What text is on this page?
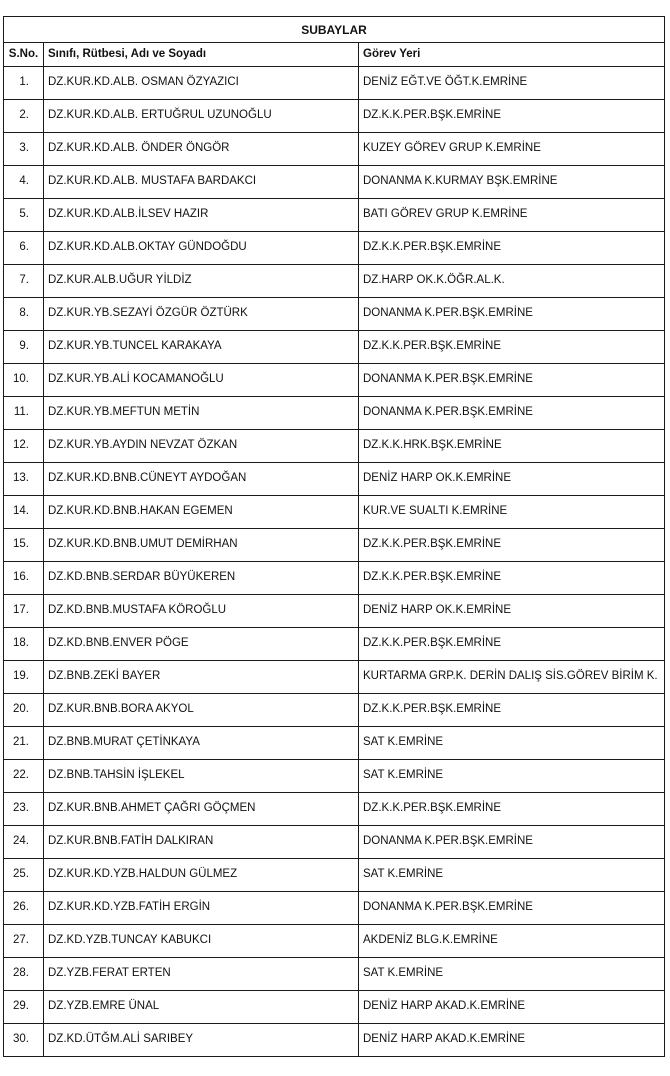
SUBAYLAR		
S.No.	Sınıfı, Rütbesi, Adı ve Soyadı	Görev Yeri
1.	DZ.KUR.KD.ALB. OSMAN ÖZYAZICI	DENİZ EĞT.VE ÖĞT.K.EMRİNE
2.	DZ.KUR.KD.ALB. ERTUĞRUL UZUNOĞLU	DZ.K.K.PER.BŞK.EMRİNE
3.	DZ.KUR.KD.ALB. ÖNDER ÖNGÖR	KUZEY GÖREV GRUP K.EMRİNE
4.	DZ.KUR.KD.ALB. MUSTAFA BARDAKCI	DONANMA K.KURMAY BŞK.EMRİNE
5.	DZ.KUR.KD.ALB.İLSEV HAZIR	BATI GÖREV GRUP K.EMRİNE
6.	DZ.KUR.KD.ALB.OKTAY GÜNDOĞDU	DZ.K.K.PER.BŞK.EMRİNE
7.	DZ.KUR.ALB.UĞUR YİLDİZ	DZ.HARP OK.K.ÖĞR.AL.K.
8.	DZ.KUR.YB.SEZAYİ ÖZGÜR ÖZTÜRK	DONANMA K.PER.BŞK.EMRİNE
9.	DZ.KUR.YB.TUNCEL KARAKAYA	DZ.K.K.PER.BŞK.EMRİNE
10.	DZ.KUR.YB.ALİ KOCAMANOĞLU	DONANMA K.PER.BŞK.EMRİNE
11.	DZ.KUR.YB.MEFTUN METİN	DONANMA K.PER.BŞK.EMRİNE
12.	DZ.KUR.YB.AYDIN NEVZAT ÖZKAN	DZ.K.K.HRK.BŞK.EMRİNE
13.	DZ.KUR.KD.BNB.CÜNEYT AYDOĞAN	DENİZ HARP OK.K.EMRİNE
14.	DZ.KUR.KD.BNB.HAKAN EGEMEN	KUR.VE SUALTI K.EMRİNE
15.	DZ.KUR.KD.BNB.UMUT DEMİRHAN	DZ.K.K.PER.BŞK.EMRİNE
16.	DZ.KD.BNB.SERDAR BÜYÜKEREN	DZ.K.K.PER.BŞK.EMRİNE
17.	DZ.KD.BNB.MUSTAFA KÖROĞLU	DENİZ HARP OK.K.EMRİNE
18.	DZ.KD.BNB.ENVER PÖGE	DZ.K.K.PER.BŞK.EMRİNE
19.	DZ.BNB.ZEKİ BAYER	KURTARMA GRP.K. DERİN DALIŞ SİS.GÖREV BİRİM K.
20.	DZ.KUR.BNB.BORA AKYOL	DZ.K.K.PER.BŞK.EMRİNE
21.	DZ.BNB.MURAT ÇETİNKAYA	SAT K.EMRİNE
22.	DZ.BNB.TAHSİN İŞLEKEL	SAT K.EMRİNE
23.	DZ.KUR.BNB.AHMET ÇAĞRI GÖÇMEN	DZ.K.K.PER.BŞK.EMRİNE
24.	DZ.KUR.BNB.FATİH DALKIRAN	DONANMA K.PER.BŞK.EMRİNE
25.	DZ.KUR.KD.YZB.HALDUN GÜLMEZ	SAT K.EMRİNE
26.	DZ.KUR.KD.YZB.FATİH ERGİN	DONANMA K.PER.BŞK.EMRİNE
27.	DZ.KD.YZB.TUNCAY KABUKCI	AKDENİZ BLG.K.EMRİNE
28.	DZ.YZB.FERAT ERTEN	SAT K.EMRİNE
29.	DZ.YZB.EMRE ÜNAL	DENİZ HARP AKAD.K.EMRİNE
30.	DZ.KD.ÜTĞM.ALİ SARIBEY	DENİZ HARP AKAD.K.EMRİNE
